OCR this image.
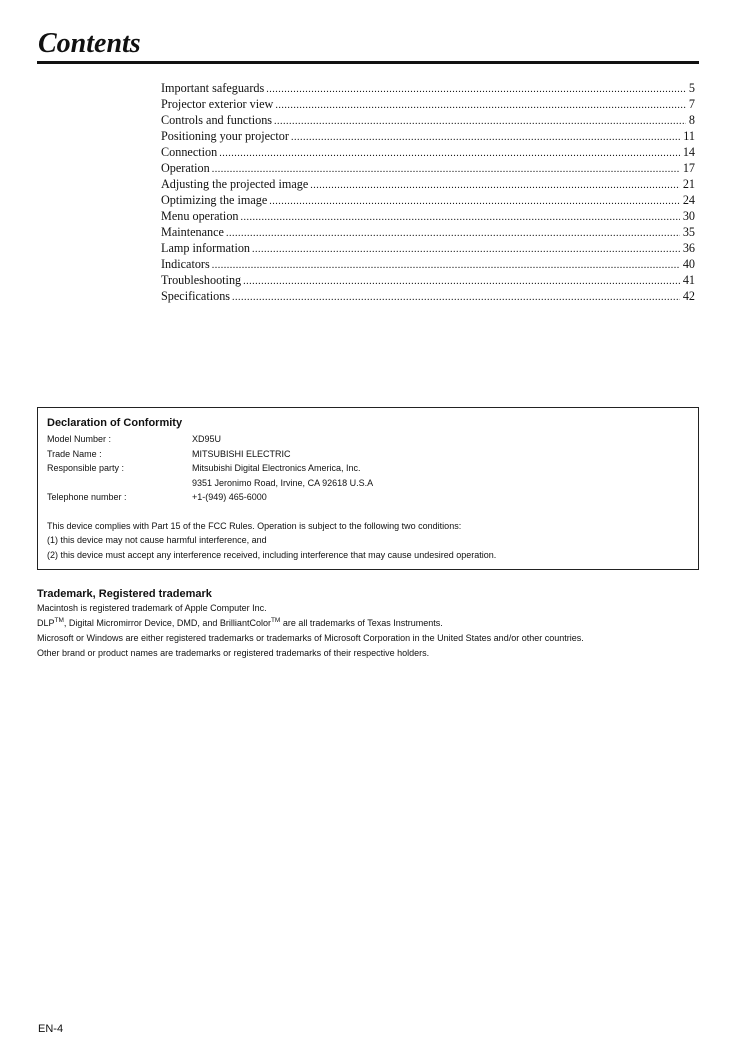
Contents
Important safeguards .....	5
Projector exterior view .....	7
Controls and functions .....	8
Positioning your projector .....	11
Connection .....	14
Operation .....	17
Adjusting the projected image .....	21
Optimizing the image .....	24
Menu operation .....	30
Maintenance .....	35
Lamp information .....	36
Indicators .....	40
Troubleshooting .....	41
Specifications .....	42
Declaration of Conformity
Model Number :	XD95U
Trade Name :	MITSUBISHI ELECTRIC
Responsible party :	Mitsubishi Digital Electronics America, Inc.
9351 Jeronimo Road, Irvine, CA 92618 U.S.A
Telephone number :	+1-(949) 465-6000
This device complies with Part 15 of the FCC Rules. Operation is subject to the following two conditions:
(1) this device may not cause harmful interference, and
(2) this device must accept any interference received, including interference that may cause undesired operation.
Trademark, Registered trademark
Macintosh is registered trademark of Apple Computer Inc.
DLP™, Digital Micromirror Device, DMD, and BrilliantColor™ are all trademarks of Texas Instruments.
Microsoft or Windows are either registered trademarks or trademarks of Microsoft Corporation in the United States and/or other countries.
Other brand or product names are trademarks or registered trademarks of their respective holders.
EN-4
